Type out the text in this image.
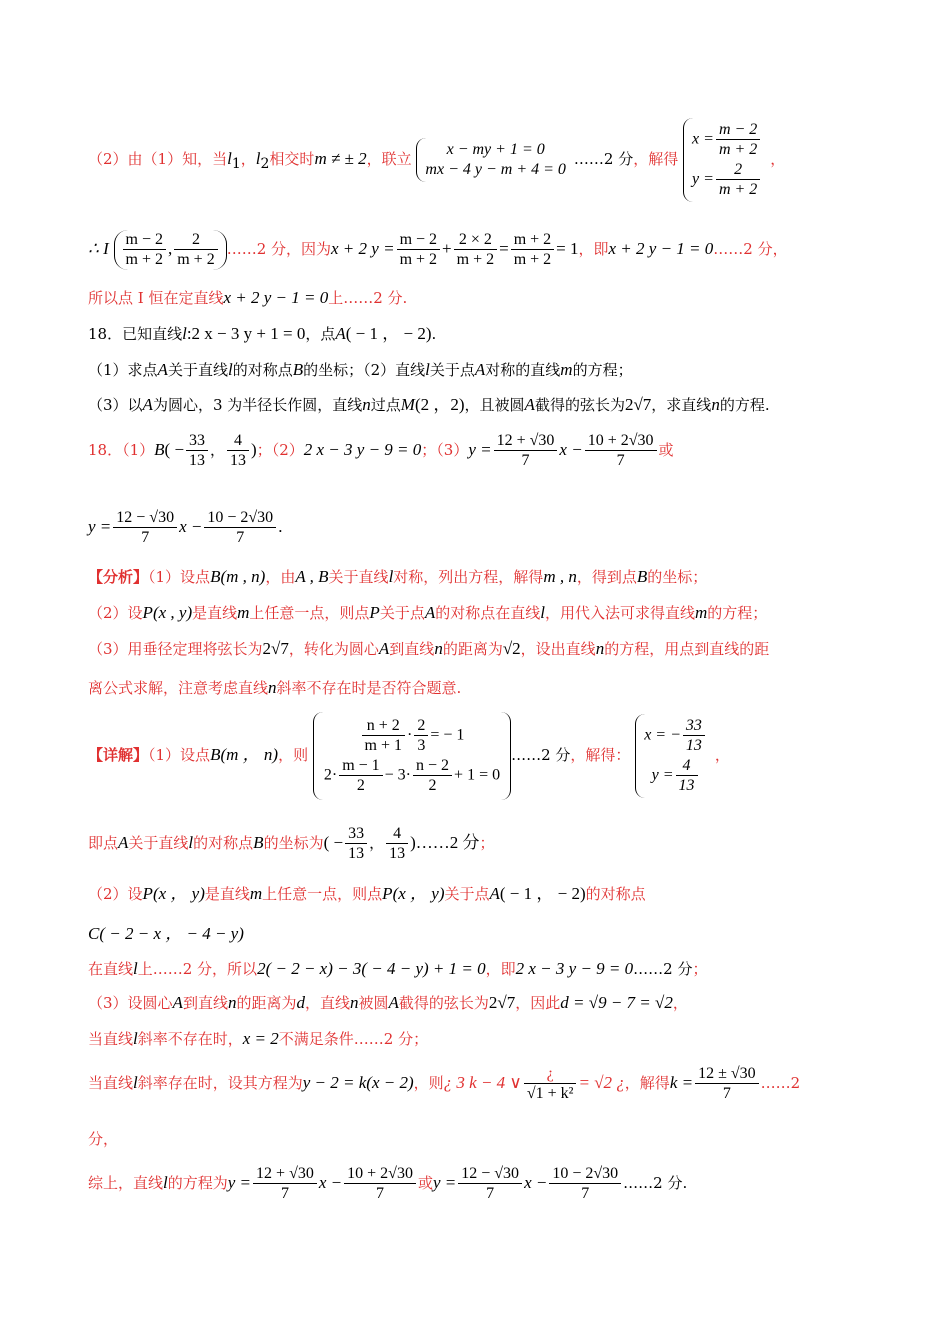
（2）由（1）知，当$l_1$，$l_2$相交时m ≠ ± 2，联立
x − my + 1 = 0
mx − 4 y − m + 4 = 0
……2 分，解得
$x = \frac{m - 2}{m + 2}$
$y = \frac{2}{m + 2}$
，
∴ I $\frac{m - 2}{m + 2}$ , $\frac{2}{m + 2}$ ……2 分，因为x + 2 $y = \frac{m - 2}{m + 2} + \frac{2 \times 2}{m + 2} = \frac{m + 2}{m + 2} = 1$，即x + 2 y − 1 = 0……2 分，
所以点 I 恒在定直线x + 2 y − 1 = 0上……2 分.
18．已知直线l:2 x − 3 y + 1 = 0，点A( − 1 ， − 2).
（1）求点A关于直线l的对称点B的坐标；（2）直线l关于点A对称的直线m的方程；
（3）以A为圆心，3 为半径长作圆，直线n过点M(2 ，2)，且被圆A截得的弦长为2√7，求直线n的方程.
18．$(1)B( - \frac{33}{13}$ ， $\frac{4}{13}$ )；（2）2 x − 3 y − 9 = 0；$(3)y = \frac{12 + √30}{7}$ $x - \frac{10 + 2√30}{7}$ 或
$y = \frac{12 - √30}{7}$ $x - \frac{10 - 2√30}{7}$ .
【分析】（1）设点B(m , n)，由A , B关于直线l对称，列出方程，解得m , n，得到点B的坐标；
（2）设P(x , y)是直线m上任意一点，则点P关于点A的对称点在直线l，用代入法可求得直线m的方程；
（3）用垂径定理将弦长为2√7，转化为圆心A到直线n的距离为√2，设出直线n的方程，用点到直线的距
离公式求解，注意考虑直线n斜率不存在时是否符合题意.
【详解】（1）设点B(m ， n)，则
$\frac{n + 2}{m + 1} \cdot \frac{2}{3}$ = − 1
$2\cdot \frac{m - 1}{2} - 3\cdot \frac{n - 2}{2} + 1 = 0$
……2 分，解得：
x = − $\frac{33}{13}$
$y = \frac{4}{13}$
，
即点A关于直线l的对称点B的坐标为( − $\frac{33}{13}$ ， $\frac{4}{13}$ )……2 分；
（2）设P(x ， y)是直线m上任意一点，则点P(x ， y)关于点A( − 1 ， − 2)的对称点
C( − 2 − x ， − 4 − y)
在直线l上……2 分，所以2( − 2 − x) − 3( − 4 − y) + 1 = 0，即2 x − 3 y − 9 = 0……2 分；
（3）设圆心A到直线n的距离为d，直线n被圆A截得的弦长为2√7，因此d = √9 − 7 = √2，
当直线l斜率不存在时，x = 2不满足条件……2 分；
当直线l斜率存在时，设其方程为y − 2 = k(x − 2)，则¿ 3 k − 4 ∨ $\frac{¿}{\text{√1 + k²}} = √2$ ¿，解得$k = \frac{12 \pm √30}{7}$ ……2
分，
综上，直线l的方程为$y = \frac{12 + √30}{7}$ $x - \frac{10 + 2√30}{7}$ 或$y = \frac{12 - √30}{7}$ $x - \frac{10 - 2√30}{7}$ ……2 分.
